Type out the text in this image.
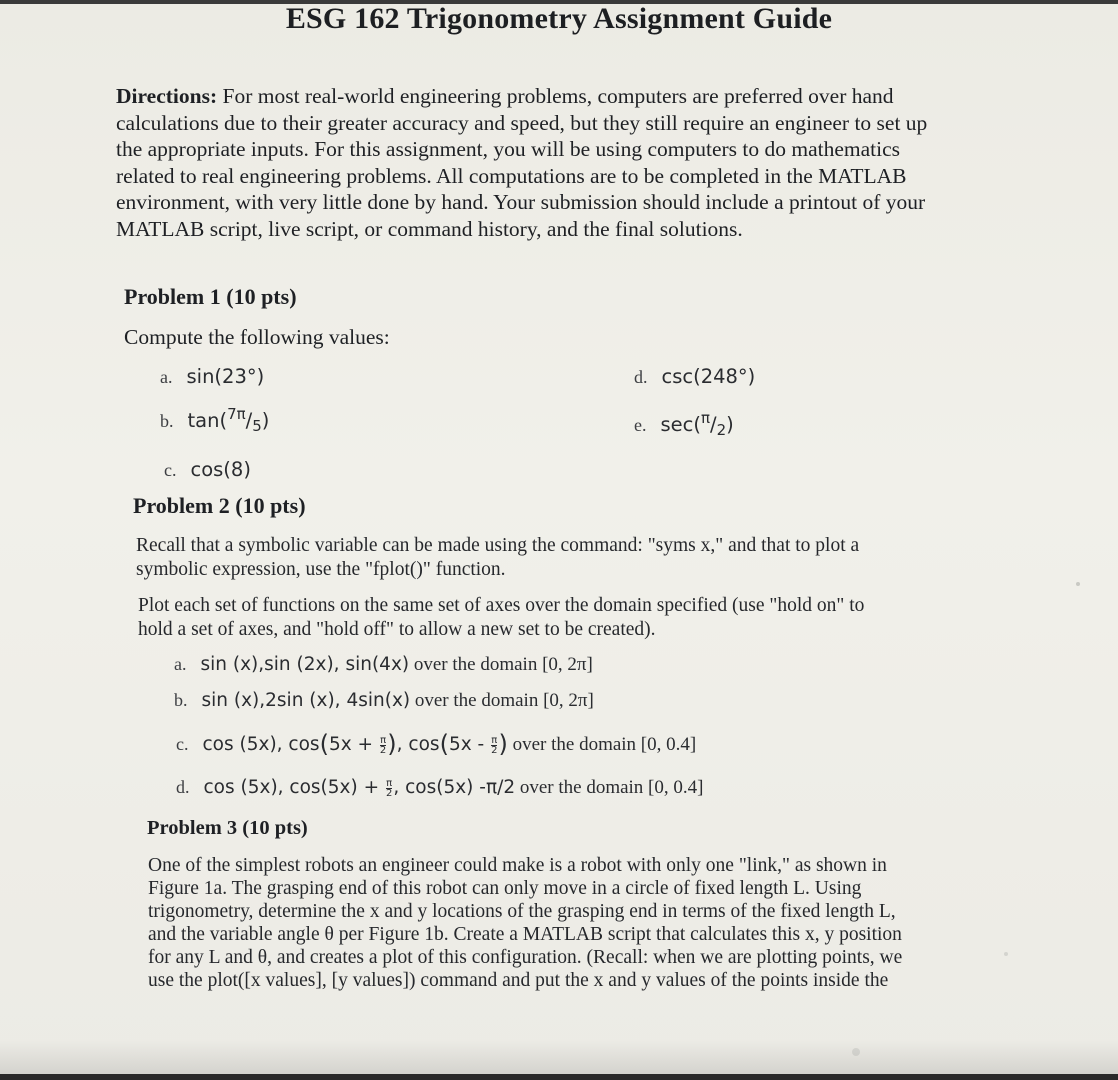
ESG 162 Trigonometry Assignment Guide
Directions: For most real-world engineering problems, computers are preferred over hand
calculations due to their greater accuracy and speed, but they still require an engineer to set up
the appropriate inputs. For this assignment, you will be using computers to do mathematics
related to real engineering problems. All computations are to be completed in the MATLAB
environment, with very little done by hand. Your submission should include a printout of your
MATLAB script, live script, or command history, and the final solutions.
Problem 1 (10 pts)
Compute the following values:
a. sin(23°)
b. $\tan(^{7\pi}/_5)$
c. cos(8)
d. csc(248°)
e. $\sec(^\pi/_2)$
Problem 2 (10 pts)
Recall that a symbolic variable can be made using the command: "syms x," and that to plot a
symbolic expression, use the "fplot()" function.
Plot each set of functions on the same set of axes over the domain specified (use "hold on" to
hold a set of axes, and "hold off" to allow a new set to be created).
a. sin (x),sin (2x), sin(4x) over the domain [0, 2π]
b. sin (x),2sin (x), 4sin(x) over the domain [0, 2π]
c. cos (5x), $\cos(5x + \frac{\pi}{2}$ ), $\cos(5x - \frac{\pi}{2}$ ) over the domain [0, 0.4]
d. cos (5x), $\cos(5x) + \frac{\pi}{2}$ , cos(5x) -π/2 over the domain [0, 0.4]
Problem 3 (10 pts)
One of the simplest robots an engineer could make is a robot with only one "link," as shown in
Figure 1a. The grasping end of this robot can only move in a circle of fixed length L. Using
trigonometry, determine the x and y locations of the grasping end in terms of the fixed length L,
and the variable angle θ per Figure 1b. Create a MATLAB script that calculates this x, y position
for any L and θ, and creates a plot of this configuration. (Recall: when we are plotting points, we
use the plot([x values], [y values]) command and put the x and y values of the points inside the
